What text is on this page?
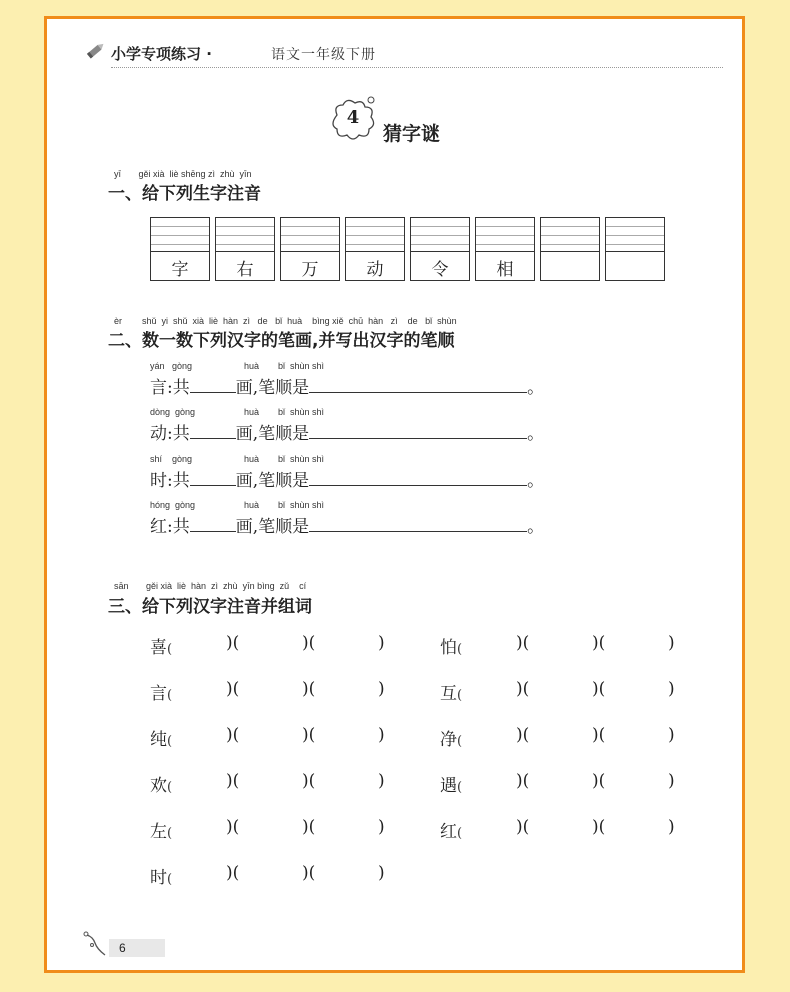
小学专项练习 ·	语文一年级下册
4
猜字谜
yī       gěi xià  liè shēng zì  zhù  yīn
一、给下列生字注音
字	右	万	动	令	相
èr        shǔ  yi  shǔ  xià  liè  hàn  zì   de   bǐ  huà    bìng xiě  chū  hàn   zì    de   bǐ  shùn
二、数一数下列汉字的笔画,并写出汉字的笔顺
yán   gòng	huà bǐ  shùn shì
言:共	画,笔顺是	。
dòng  gòng	huà bǐ  shùn shì
动:共	画,笔顺是	。
shí    gòng	huà bǐ  shùn shì
时:共	画,笔顺是	。
hóng  gòng	huà bǐ  shùn shì
红:共	画,笔顺是	。
sān       gěi xià  liè  hàn  zì  zhù  yīn bìng  zǔ    cí
三、给下列汉字注音并组词
喜(	)(	)(	)	怕(	)(	)(	)
言(	)(	)(	)	互(	)(	)(	)
纯(	)(	)(	)	净(	)(	)(	)
欢(	)(	)(	)	遇(	)(	)(	)
左(	)(	)(	)	红(	)(	)(	)
时(	)(	)(	)
6
